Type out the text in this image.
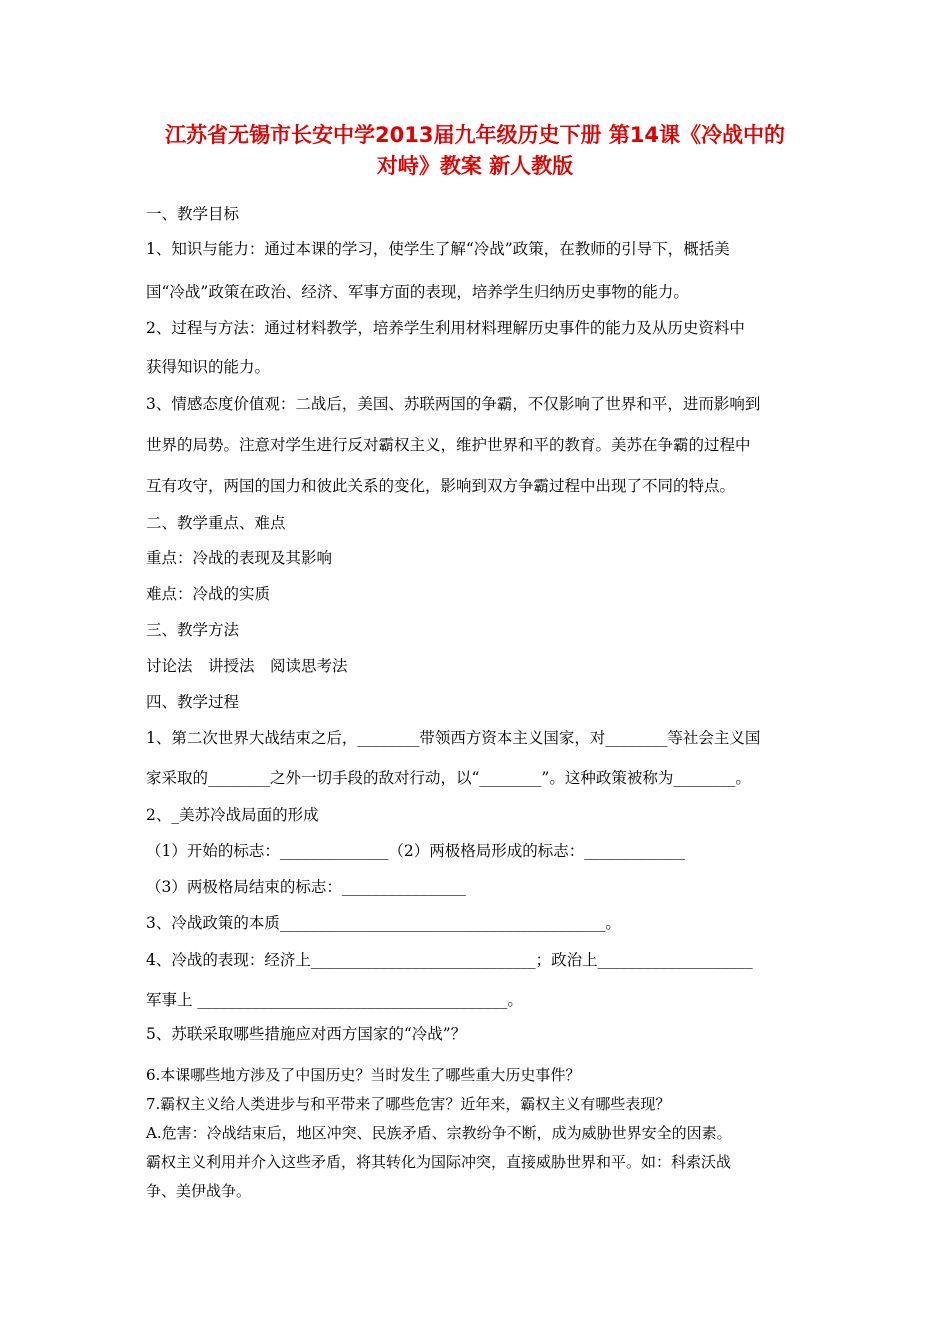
江苏省无锡市长安中学2013届九年级历史下册 第14课《冷战中的
对峙》教案 新人教版
一、教学目标
1、知识与能力：通过本课的学习，使学生了解“冷战”政策，在教师的引导下，概括美
国“冷战”政策在政治、经济、军事方面的表现，培养学生归纳历史事物的能力。
2、过程与方法：通过材料教学，培养学生利用材料理解历史事件的能力及从历史资料中
获得知识的能力。
3、情感态度价值观：二战后，美国、苏联两国的争霸，不仅影响了世界和平，进而影响到
世界的局势。注意对学生进行反对霸权主义，维护世界和平的教育。美苏在争霸的过程中
互有攻守，两国的国力和彼此关系的变化，影响到双方争霸过程中出现了不同的特点。
二、教学重点、难点
重点：冷战的表现及其影响
难点：冷战的实质
三、教学方法
讨论法　讲授法　阅读思考法
四、教学过程
1、第二次世界大战结束之后，________带领西方资本主义国家，对________等社会主义国
家采取的________之外一切手段的敌对行动，以“________”。这种政策被称为________。
2、_美苏冷战局面的形成
（1）开始的标志：______________（2）两极格局形成的标志：_____________
（3）两极格局结束的标志：________________
3、冷战政策的本质__________________________________________。
4、冷战的表现：经济上_____________________________；政治上____________________
军事上 ________________________________________。
5、苏联采取哪些措施应对西方国家的“冷战”？
6.本课哪些地方涉及了中国历史？当时发生了哪些重大历史事件？
7.霸权主义给人类进步与和平带来了哪些危害？近年来，霸权主义有哪些表现？
A.危害：冷战结束后，地区冲突、民族矛盾、宗教纷争不断，成为威胁世界安全的因素。
霸权主义利用并介入这些矛盾，将其转化为国际冲突，直接威胁世界和平。如：科索沃战
争、美伊战争。
